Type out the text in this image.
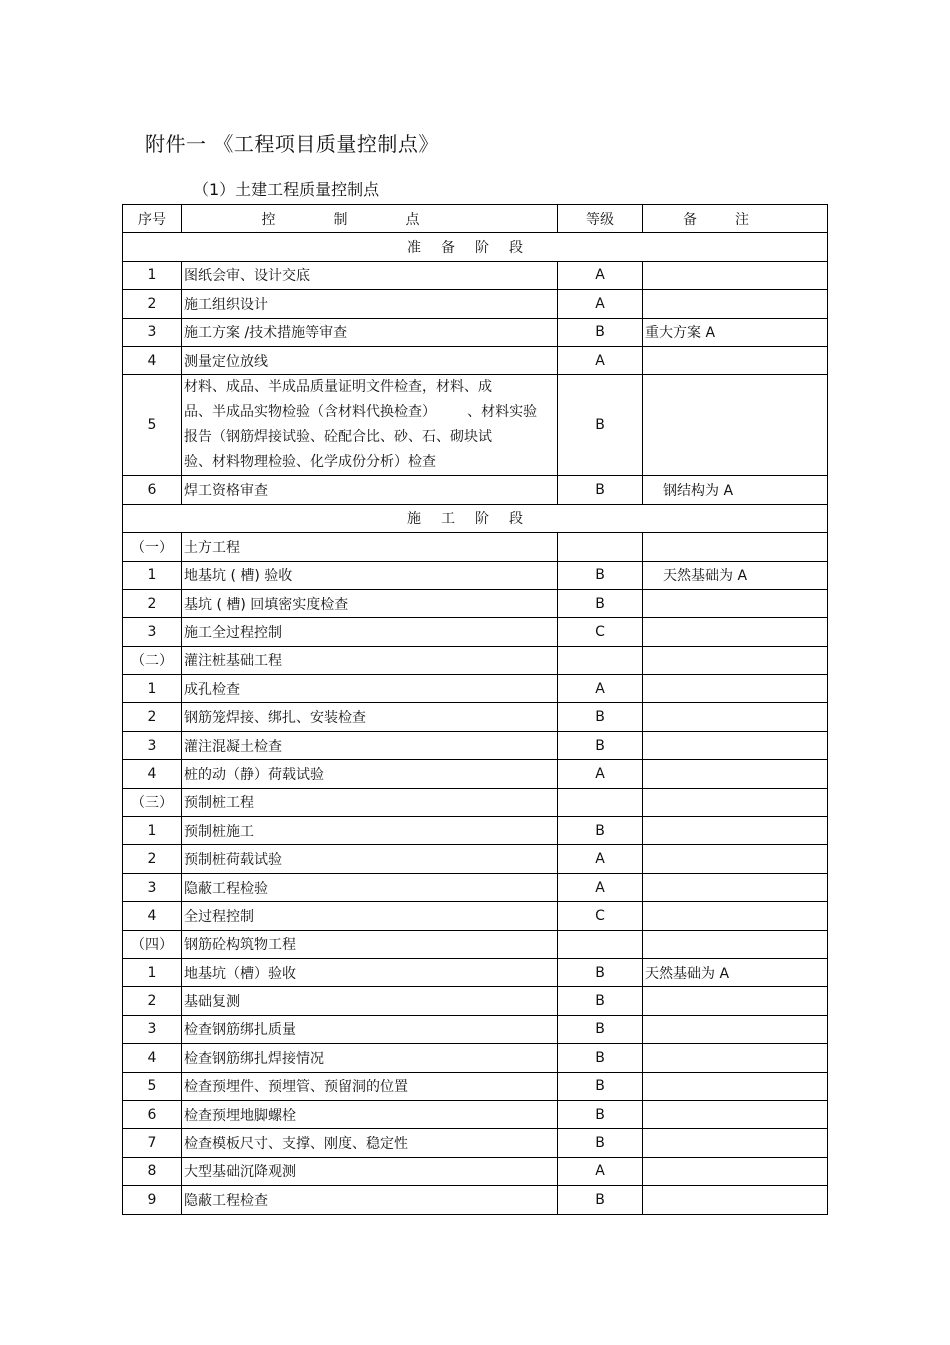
附件一 《工程项目质量控制点》
（1）土建工程质量控制点
序号	控制点	等级	备注
准备阶段			
1	图纸会审、设计交底	A	
2	施工组织设计	A	
3	施工方案 /技术措施等审查	B	重大方案 A
4	测量定位放线	A	
5	材料、成品、半成品质量证明文件检查，材料、成
品、半成品实物检验（含材料代换检查）       、材料实验
报告（钢筋焊接试验、砼配合比、砂、石、砌块试
验、材料物理检验、化学成份分析）检查	B	
6	焊工资格审查	B	钢结构为 A
施工阶段			
（一）	土方工程		
1	地基坑 ( 槽) 验收	B	天然基础为 A
2	基坑 ( 槽) 回填密实度检查	B	
3	施工全过程控制	C	
（二）	灌注桩基础工程		
1	成孔检查	A	
2	钢筋笼焊接、绑扎、安装检查	B	
3	灌注混凝土检查	B	
4	桩的动（静）荷载试验	A	
（三）	预制桩工程		
1	预制桩施工	B	
2	预制桩荷载试验	A	
3	隐蔽工程检验	A	
4	全过程控制	C	
（四）	钢筋砼构筑物工程		
1	地基坑（槽）验收	B	天然基础为 A
2	基础复测	B	
3	检查钢筋绑扎质量	B	
4	检查钢筋绑扎焊接情况	B	
5	检查预埋件、预埋管、预留洞的位置	B	
6	检查预埋地脚螺栓	B	
7	检查模板尺寸、支撑、刚度、稳定性	B	
8	大型基础沉降观测	A	
9	隐蔽工程检查	B	
